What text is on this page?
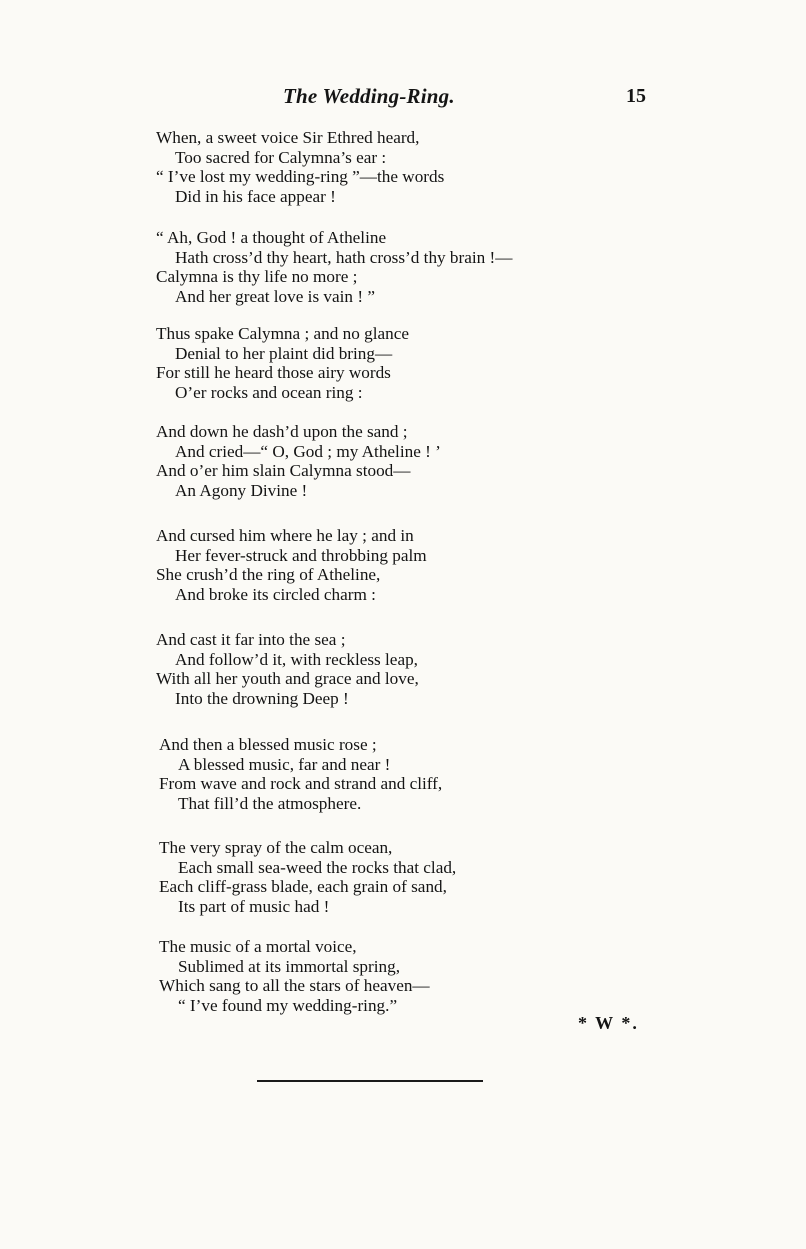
The Wedding-Ring.	15
When, a sweet voice Sir Ethred heard,
Too sacred for Calymna’s ear :
“ I’ve lost my wedding-ring ”—the words
Did in his face appear !
“ Ah, God ! a thought of Atheline
Hath cross’d thy heart, hath cross’d thy brain !—
Calymna is thy life no more ;
And her great love is vain ! ”
Thus spake Calymna ; and no glance
Denial to her plaint did bring—
For still he heard those airy words
O’er rocks and ocean ring :
And down he dash’d upon the sand ;
And cried—“ O, God ; my Atheline ! ’
And o’er him slain Calymna stood—
An Agony Divine !
And cursed him where he lay ; and in
Her fever-struck and throbbing palm
She crush’d the ring of Atheline,
And broke its circled charm :
And cast it far into the sea ;
And follow’d it, with reckless leap,
With all her youth and grace and love,
Into the drowning Deep !
And then a blessed music rose ;
A blessed music, far and near !
From wave and rock and strand and cliff,
That fill’d the atmosphere.
The very spray of the calm ocean,
Each small sea-weed the rocks that clad,
Each cliff-grass blade, each grain of sand,
Its part of music had !
The music of a mortal voice,
Sublimed at its immortal spring,
Which sang to all the stars of heaven—
“ I’ve found my wedding-ring.”
* W *.
